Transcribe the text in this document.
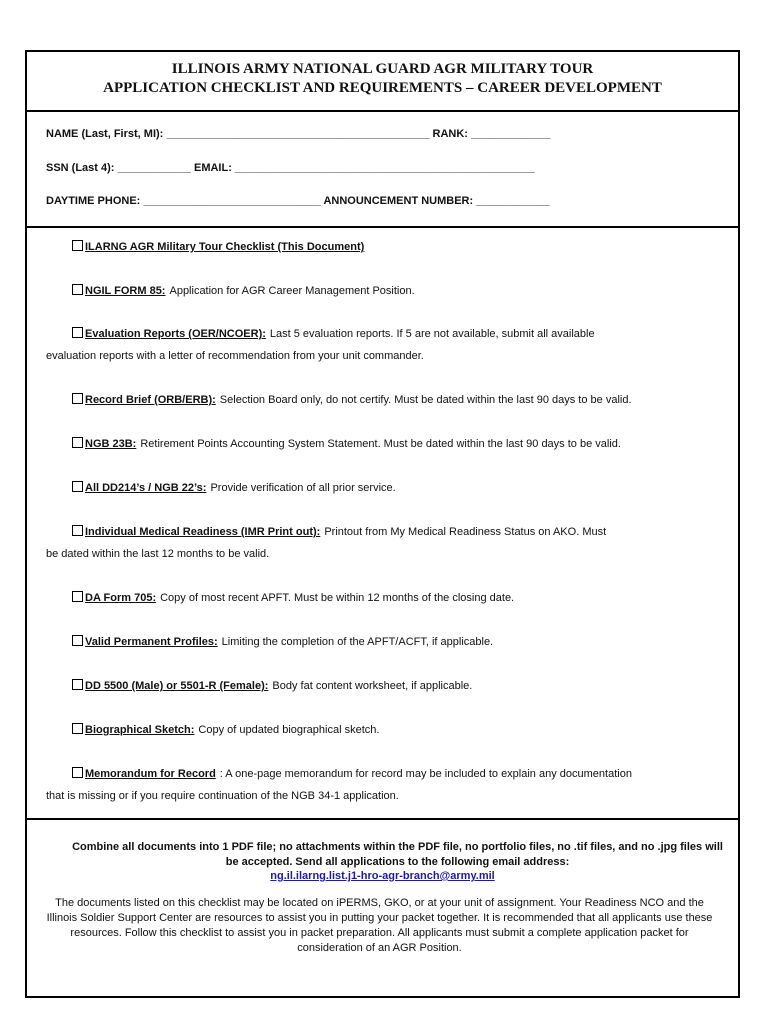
ILLINOIS ARMY NATIONAL GUARD AGR MILITARY TOUR
APPLICATION CHECKLIST AND REQUIREMENTS – CAREER DEVELOPMENT
NAME (Last, First, MI): ___________________________________________ RANK: _____________
SSN (Last 4): ____________ EMAIL: _________________________________________________
DAYTIME PHONE: _____________________________ ANNOUNCEMENT NUMBER: ____________
ILARNG AGR Military Tour Checklist (This Document)
NGIL FORM 85: Application for AGR Career Management Position.
Evaluation Reports (OER/NCOER): Last 5 evaluation reports. If 5 are not available, submit all available
evaluation reports with a letter of recommendation from your unit commander.
Record Brief (ORB/ERB): Selection Board only, do not certify. Must be dated within the last 90 days to be valid.
NGB 23B: Retirement Points Accounting System Statement. Must be dated within the last 90 days to be valid.
All DD214’s / NGB 22’s: Provide verification of all prior service.
Individual Medical Readiness (IMR Print out): Printout from My Medical Readiness Status on AKO. Must
be dated within the last 12 months to be valid.
DA Form 705: Copy of most recent APFT. Must be within 12 months of the closing date.
Valid Permanent Profiles: Limiting the completion of the APFT/ACFT, if applicable.
DD 5500 (Male) or 5501-R (Female): Body fat content worksheet, if applicable.
Biographical Sketch: Copy of updated biographical sketch.
Memorandum for Record : A one-page memorandum for record may be included to explain any documentation
that is missing or if you require continuation of the NGB 34-1 application.
Combine all documents into 1 PDF file; no attachments within the PDF file, no portfolio files, no .tif files, and no .jpg files will be accepted. Send all applications to the following email address:
ng.il.ilarng.list.j1-hro-agr-branch@army.mil
The documents listed on this checklist may be located on iPERMS, GKO, or at your unit of assignment. Your Readiness NCO and the Illinois Soldier Support Center are resources to assist you in putting your packet together. It is recommended that all applicants use these resources. Follow this checklist to assist you in packet preparation. All applicants must submit a complete application packet for consideration of an AGR Position.
